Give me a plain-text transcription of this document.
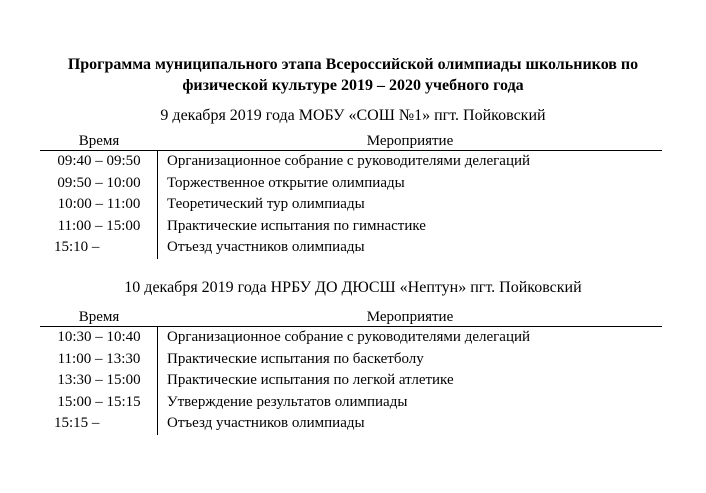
Программа муниципального этапа Всероссийской олимпиады школьников по

физической культуре 2019 – 2020 учебного года

9 декабря 2019 года МОБУ «СОШ №1» пгт. Пойковский

Время	Мероприятие
09:40 – 09:50	Организационное собрание с руководителями делегаций
09:50 – 10:00	Торжественное открытие олимпиады
10:00 – 11:00	Теоретический тур олимпиады
11:00 – 15:00	Практические испытания по гимнастике
15:10 –	Отъезд участников олимпиады

10 декабря 2019 года НРБУ ДО ДЮСШ «Нептун» пгт. Пойковский

Время	Мероприятие
10:30 – 10:40	Организационное собрание с руководителями делегаций
11:00 – 13:30	Практические испытания по баскетболу
13:30 – 15:00	Практические испытания по легкой атлетике
15:00 – 15:15	Утверждение результатов олимпиады
15:15 –	Отъезд участников олимпиады
